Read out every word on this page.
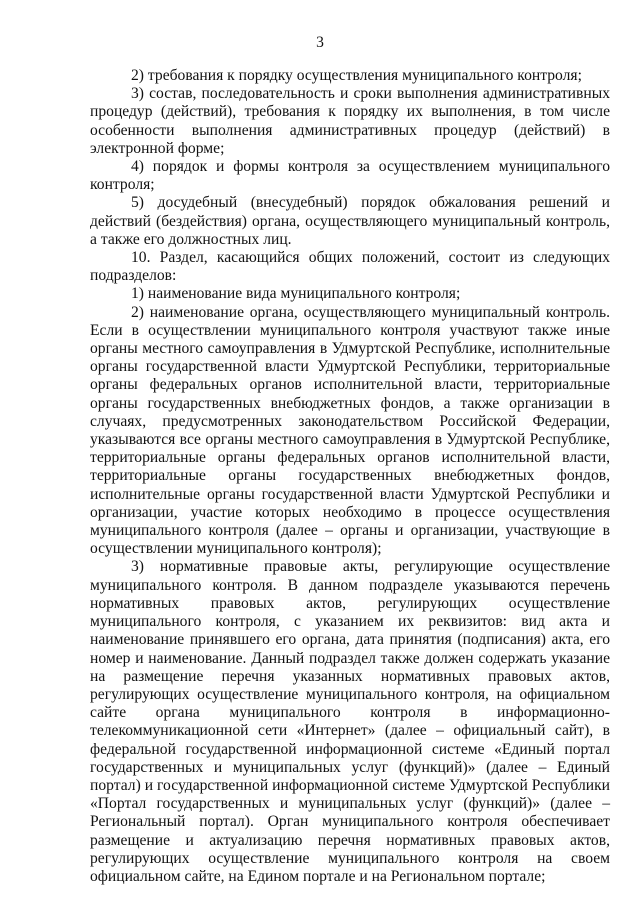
3

2) требования к порядку осуществления муниципального контроля;

3) состав, последовательность и сроки выполнения административных процедур (действий), требования к порядку их выполнения, в том числе особенности выполнения административных процедур (действий) в электронной форме;

4) порядок и формы контроля за осуществлением муниципального контроля;

5) досудебный (внесудебный) порядок обжалования решений и действий (бездействия) органа, осуществляющего муниципальный контроль, а также его должностных лиц.

10. Раздел, касающийся общих положений, состоит из следующих подразделов:

1) наименование вида муниципального контроля;

2) наименование органа, осуществляющего муниципальный контроль. Если в осуществлении муниципального контроля участвуют также иные органы местного самоуправления в Удмуртской Республике, исполнительные органы государственной власти Удмуртской Республики, территориальные органы федеральных органов исполнительной власти, территориальные органы государственных внебюджетных фондов, а также организации в случаях, предусмотренных законодательством Российской Федерации, указываются все органы местного самоуправления в Удмуртской Республике, территориальные органы федеральных органов исполнительной власти, территориальные органы государственных внебюджетных фондов, исполнительные органы государственной власти Удмуртской Республики и организации, участие которых необходимо в процессе осуществления муниципального контроля (далее – органы и организации, участвующие в осуществлении муниципального контроля);

3) нормативные правовые акты, регулирующие осуществление муниципального контроля. В данном подразделе указываются перечень нормативных правовых актов, регулирующих осуществление муниципального контроля, с указанием их реквизитов: вид акта и наименование принявшего его органа, дата принятия (подписания) акта, его номер и наименование. Данный подраздел также должен содержать указание на размещение перечня указанных нормативных правовых актов, регулирующих осуществление муниципального контроля, на официальном сайте органа муниципального контроля в информационно-телекоммуникационной сети «Интернет» (далее – официальный сайт), в федеральной государственной информационной системе «Единый портал государственных и муниципальных услуг (функций)» (далее – Единый портал) и государственной информационной системе Удмуртской Республики «Портал государственных и муниципальных услуг (функций)» (далее – Региональный портал). Орган муниципального контроля обеспечивает размещение и актуализацию перечня нормативных правовых актов, регулирующих осуществление муниципального контроля на своем официальном сайте, на Едином портале и на Региональном портале;
